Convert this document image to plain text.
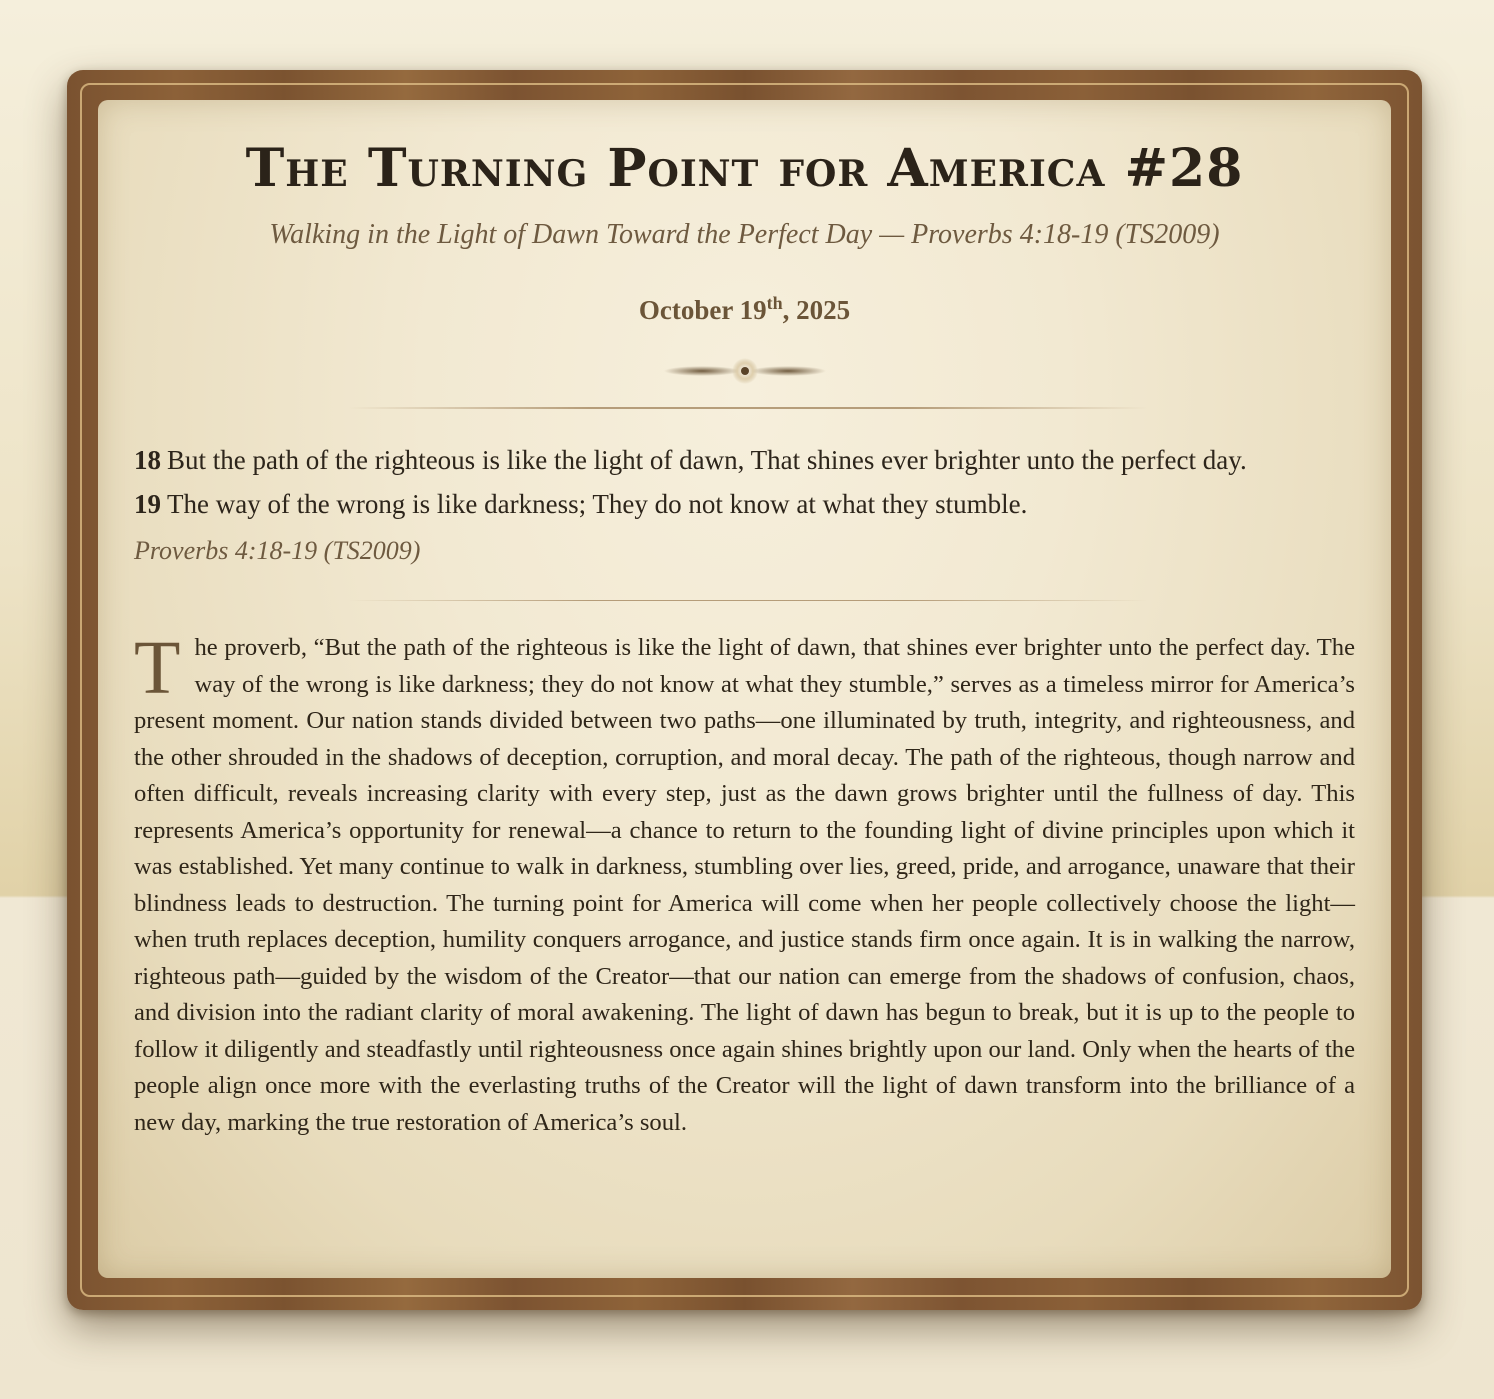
The Turning Point for America #28
Walking in the Light of Dawn Toward the Perfect Day — Proverbs 4:18-19 (TS2009)
October 19th, 2025
18 But the path of the righteous is like the light of dawn, That shines ever brighter unto the perfect day.
19 The way of the wrong is like darkness; They do not know at what they stumble.
Proverbs 4:18-19 (TS2009)

The proverb, “But the path of the righteous is like the light of dawn, that shines ever brighter unto the perfect day. The way of the wrong is like darkness; they do not know at what they stumble,” serves as a timeless mirror for America’s present moment. Our nation stands divided between two paths—one illuminated by truth, integrity, and righteousness, and the other shrouded in the shadows of deception, corruption, and moral decay. The path of the righteous, though narrow and often difficult, reveals increasing clarity with every step, just as the dawn grows brighter until the fullness of day. This represents America’s opportunity for renewal—a chance to return to the founding light of divine principles upon which it was established. Yet many continue to walk in darkness, stumbling over lies, greed, pride, and arrogance, unaware that their blindness leads to destruction. The turning point for America will come when her people collectively choose the light—when truth replaces deception, humility conquers arrogance, and justice stands firm once again. It is in walking the narrow, righteous path—guided by the wisdom of the Creator—that our nation can emerge from the shadows of confusion, chaos, and division into the radiant clarity of moral awakening. The light of dawn has begun to break, but it is up to the people to follow it diligently and steadfastly until righteousness once again shines brightly upon our land. Only when the hearts of the people align once more with the everlasting truths of the Creator will the light of dawn transform into the brilliance of a new day, marking the true restoration of America’s soul.
